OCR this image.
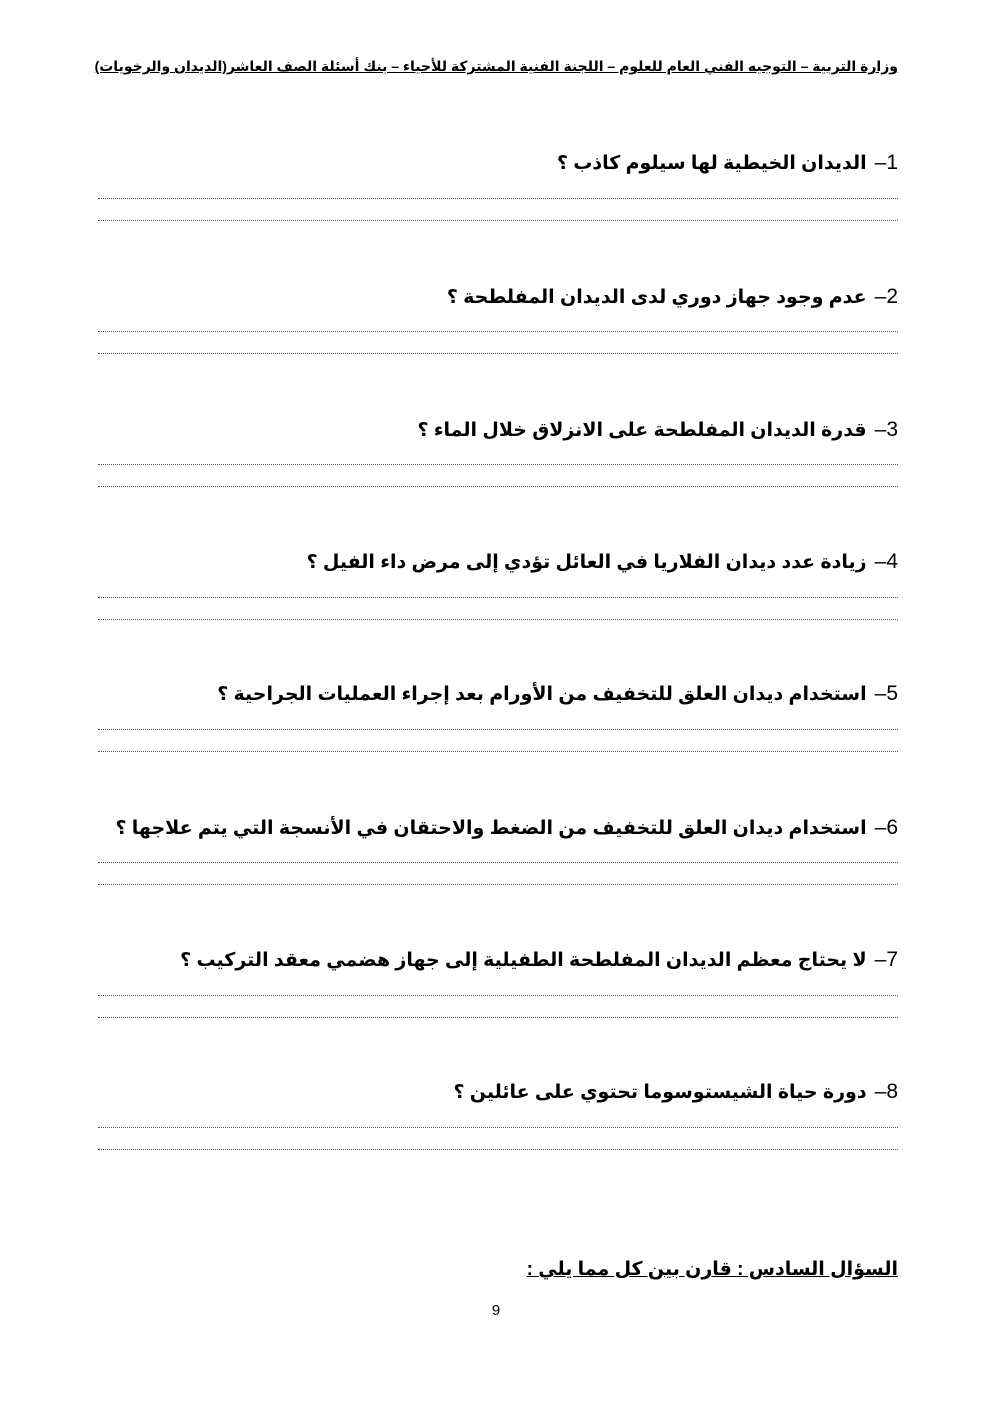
وزارة التربية – التوجيه الفني العام للعلوم – اللجنة الفنية المشتركة للأحياء – بنك أسئلة الصف العاشر(الديدان والرخويات)
1–الديدان الخيطية لها سيلوم كاذب ؟
2–عدم وجود جهاز دوري لدى الديدان المفلطحة ؟
3–قدرة الديدان المفلطحة على الانزلاق خلال الماء ؟
4–زيادة عدد ديدان الفلاريا في العائل تؤدي إلى مرض داء الفيل ؟
5–استخدام ديدان العلق للتخفيف من الأورام بعد إجراء العمليات الجراحية ؟
6–استخدام ديدان العلق للتخفيف من الضغط والاحتقان في الأنسجة التي يتم علاجها ؟
7–لا يحتاج معظم الديدان المفلطحة الطفيلية إلى جهاز هضمي معقد التركيب ؟
8–دورة حياة الشيستوسوما تحتوي على عائلين ؟
السؤال السادس : قارن بين كل مما يلي :
9
